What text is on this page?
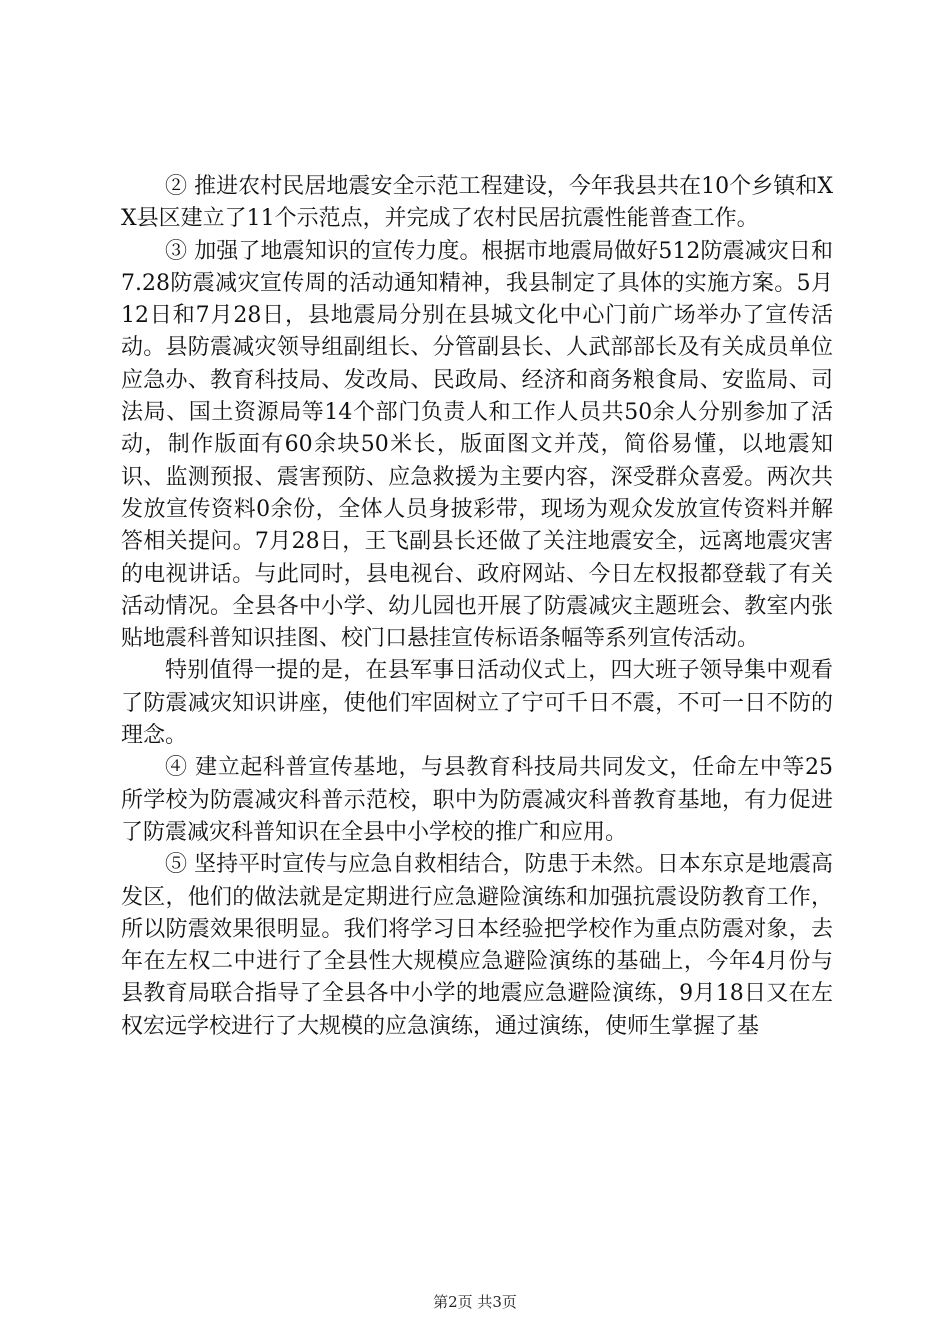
② 推进农村民居地震安全示范工程建设，今年我县共在10个乡镇和XX县区建立了11个示范点，并完成了农村民居抗震性能普查工作。

③ 加强了地震知识的宣传力度。根据市地震局做好512防震减灾日和7.28防震减灾宣传周的活动通知精神，我县制定了具体的实施方案。5月12日和7月28日，县地震局分别在县城文化中心门前广场举办了宣传活动。县防震减灾领导组副组长、分管副县长、人武部部长及有关成员单位应急办、教育科技局、发改局、民政局、经济和商务粮食局、安监局、司法局、国土资源局等14个部门负责人和工作人员共50余人分别参加了活动，制作版面有60余块50米长，版面图文并茂，简俗易懂，以地震知识、监测预报、震害预防、应急救援为主要内容，深受群众喜爱。两次共发放宣传资料0余份，全体人员身披彩带，现场为观众发放宣传资料并解答相关提问。7月28日，王飞副县长还做了关注地震安全，远离地震灾害的电视讲话。与此同时，县电视台、政府网站、今日左权报都登载了有关活动情况。全县各中小学、幼儿园也开展了防震减灾主题班会、教室内张贴地震科普知识挂图、校门口悬挂宣传标语条幅等系列宣传活动。

特别值得一提的是，在县军事日活动仪式上，四大班子领导集中观看了防震减灾知识讲座，使他们牢固树立了宁可千日不震，不可一日不防的理念。

④ 建立起科普宣传基地，与县教育科技局共同发文，任命左中等25所学校为防震减灾科普示范校，职中为防震减灾科普教育基地，有力促进了防震减灾科普知识在全县中小学校的推广和应用。

⑤ 坚持平时宣传与应急自救相结合，防患于未然。日本东京是地震高发区，他们的做法就是定期进行应急避险演练和加强抗震设防教育工作，所以防震效果很明显。我们将学习日本经验把学校作为重点防震对象，去年在左权二中进行了全县性大规模应急避险演练的基础上，今年4月份与县教育局联合指导了全县各中小学的地震应急避险演练，9月18日又在左权宏远学校进行了大规模的应急演练，通过演练，使师生掌握了基

第2页 共3页
